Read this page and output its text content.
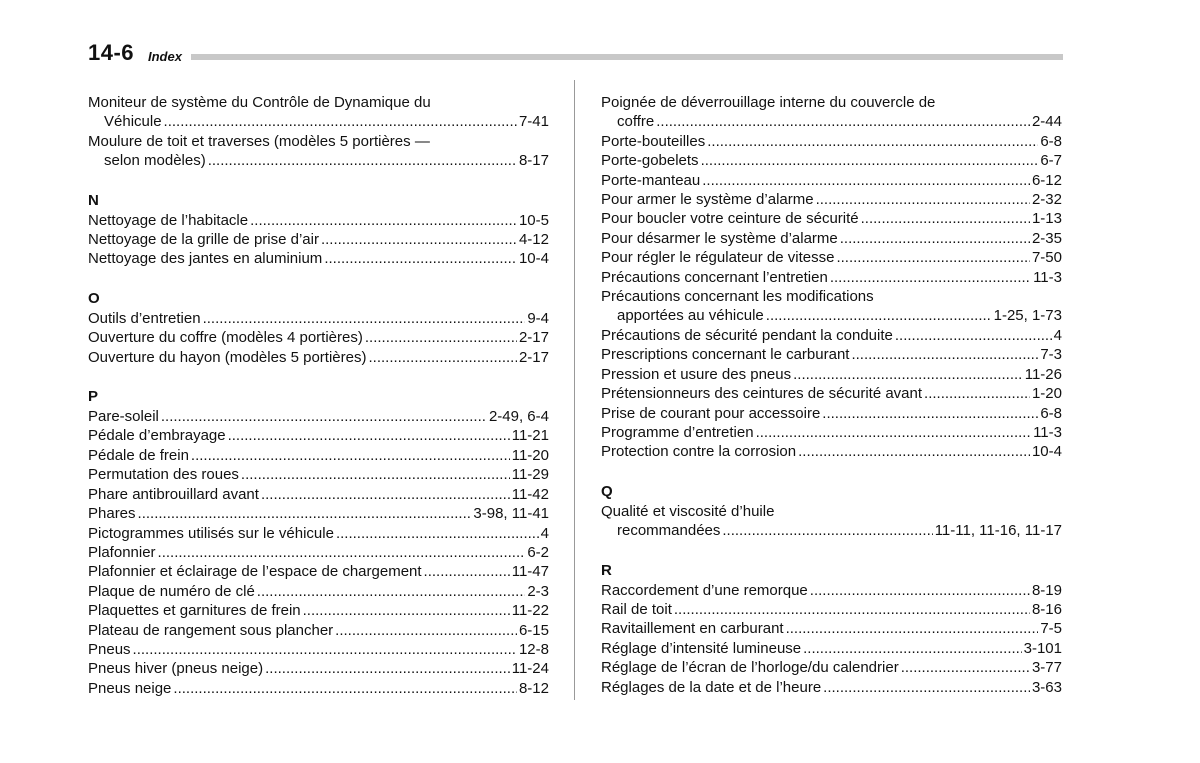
14-6 Index
Moniteur de système du Contrôle de Dynamique du
Véhicule .....	7-41
Moulure de toit et traverses (modèles 5 portières —
selon modèles) .....	8-17
N
Nettoyage de l’habitacle .....	10-5
Nettoyage de la grille de prise d’air .....	4-12
Nettoyage des jantes en aluminium .....	10-4
O
Outils d’entretien .....	9-4
Ouverture du coffre (modèles 4 portières) .....	2-17
Ouverture du hayon (modèles 5 portières) .....	2-17
P
Pare-soleil .....	2-49, 6-4
Pédale d’embrayage .....	11-21
Pédale de frein .....	11-20
Permutation des roues .....	11-29
Phare antibrouillard avant .....	11-42
Phares .....	3-98, 11-41
Pictogrammes utilisés sur le véhicule .....	4
Plafonnier .....	6-2
Plafonnier et éclairage de l’espace de chargement .....	11-47
Plaque de numéro de clé .....	2-3
Plaquettes et garnitures de frein .....	11-22
Plateau de rangement sous plancher .....	6-15
Pneus .....	12-8
Pneus hiver (pneus neige) .....	11-24
Pneus neige .....	8-12
Poignée de déverrouillage interne du couvercle de
coffre .....	2-44
Porte-bouteilles .....	6-8
Porte-gobelets .....	6-7
Porte-manteau .....	6-12
Pour armer le système d’alarme .....	2-32
Pour boucler votre ceinture de sécurité .....	1-13
Pour désarmer le système d’alarme .....	2-35
Pour régler le régulateur de vitesse .....	7-50
Précautions concernant l’entretien .....	11-3
Précautions concernant les modifications
apportées au véhicule .....	1-25, 1-73
Précautions de sécurité pendant la conduite .....	4
Prescriptions concernant le carburant .....	7-3
Pression et usure des pneus .....	11-26
Prétensionneurs des ceintures de sécurité avant .....	1-20
Prise de courant pour accessoire .....	6-8
Programme d’entretien .....	11-3
Protection contre la corrosion .....	10-4
Q
Qualité et viscosité d’huile
recommandées .....	11-11, 11-16, 11-17
R
Raccordement d’une remorque .....	8-19
Rail de toit .....	8-16
Ravitaillement en carburant .....	7-5
Réglage d’intensité lumineuse .....	3-101
Réglage de l’écran de l’horloge/du calendrier .....	3-77
Réglages de la date et de l’heure .....	3-63
